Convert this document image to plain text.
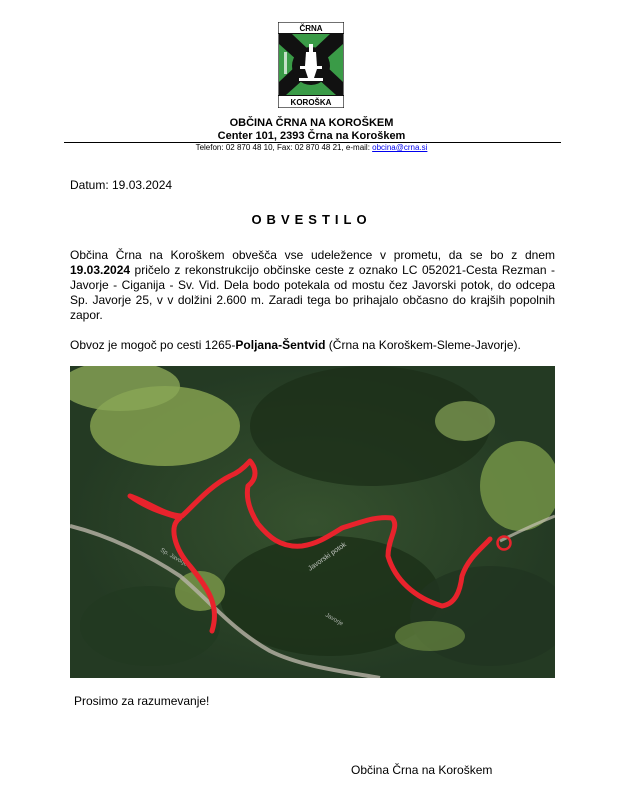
ČRNA
KOROŠKA
OBČINA ČRNA NA KOROŠKEM
Center 101, 2393 Črna na Koroškem
Telefon: 02 870 48 10, Fax: 02 870 48 21, e-mail: obcina@crna.si
Datum: 19.03.2024
OBVESTILO
Občina Črna na Koroškem obvešča vse udeležence v prometu, da se bo z dnem 19.03.2024 pričelo z rekonstrukcijo občinske ceste z oznako LC 052021-Cesta Rezman - Javorje - Ciganija - Sv. Vid. Dela bodo potekala od mostu čez Javorski potok, do odcepa Sp. Javorje 25, v v dolžini 2.600 m. Zaradi tega bo prihajalo občasno do krajših popolnih zapor.
Obvoz je mogoč po cesti 1265-Poljana-Šentvid (Črna na Koroškem-Sleme-Javorje).
Javorski potok
Sp. Javorje
Javorje
Prosimo za razumevanje!
Občina Črna na Koroškem
